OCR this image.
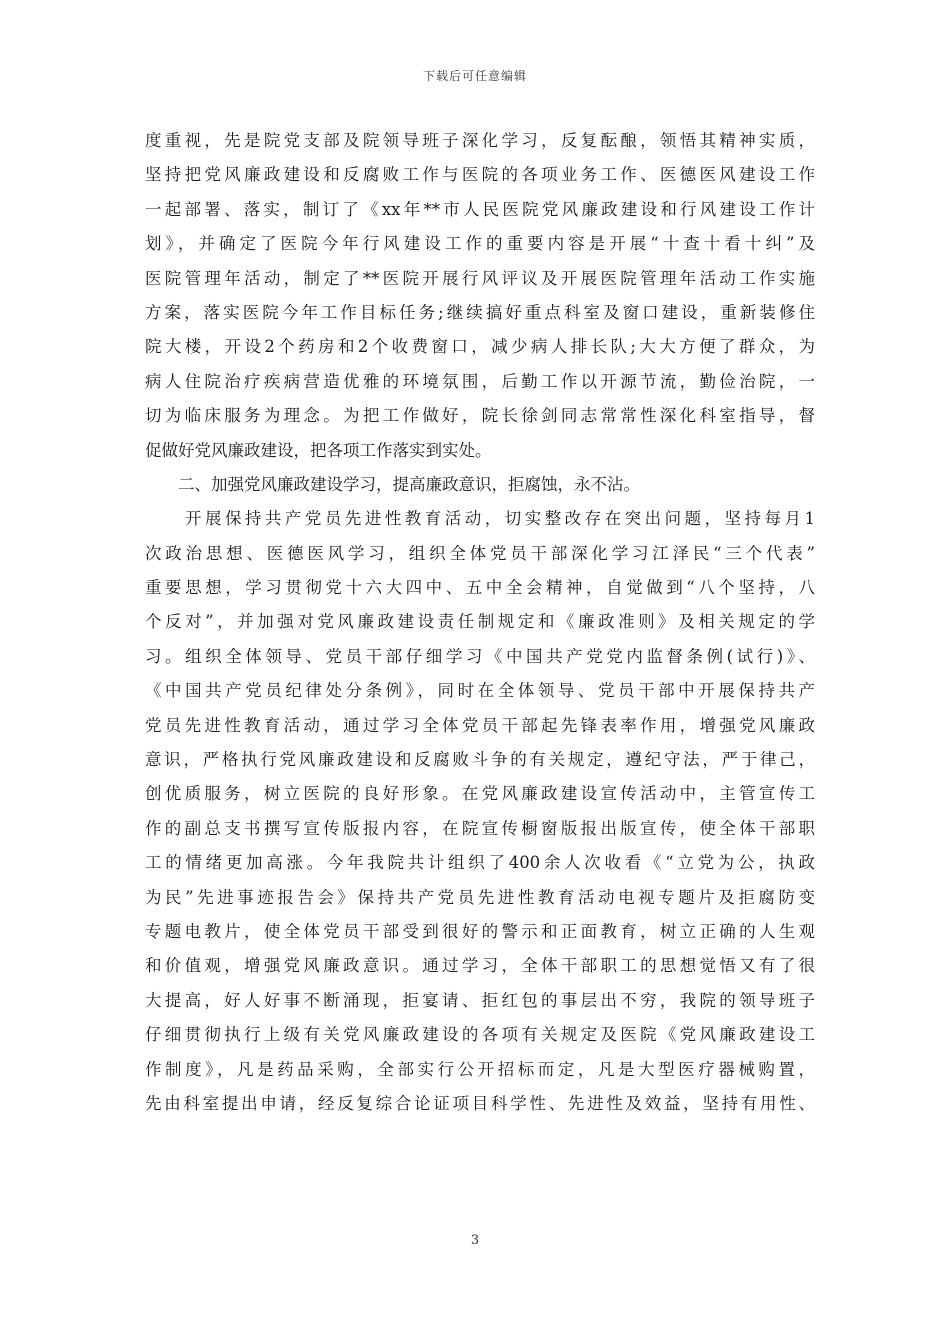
下载后可任意编辑
度重视，先是院党支部及院领导班子深化学习，反复酝酿，领悟其精神实质，
坚持把党风廉政建设和反腐败工作与医院的各项业务工作、医德医风建设工作
一起部署、落实，制订了《xx年**市人民医院党风廉政建设和行风建设工作计
划》，并确定了医院今年行风建设工作的重要内容是开展“十查十看十纠”及
医院管理年活动，制定了**医院开展行风评议及开展医院管理年活动工作实施
方案，落实医院今年工作目标任务;继续搞好重点科室及窗口建设，重新装修住
院大楼，开设2个药房和2个收费窗口，减少病人排长队;大大方便了群众，为
病人住院治疗疾病营造优雅的环境氛围，后勤工作以开源节流，勤俭治院，一
切为临床服务为理念。为把工作做好，院长徐剑同志常常性深化科室指导，督
促做好党风廉政建设，把各项工作落实到实处。
　　二、加强党风廉政建设学习，提高廉政意识，拒腐蚀，永不沾。
　　开展保持共产党员先进性教育活动，切实整改存在突出问题，坚持每月1
次政治思想、医德医风学习，组织全体党员干部深化学习江泽民“三个代表”
重要思想，学习贯彻党十六大四中、五中全会精神，自觉做到“八个坚持，八
个反对”，并加强对党风廉政建设责任制规定和《廉政准则》及相关规定的学
习。组织全体领导、党员干部仔细学习《中国共产党党内监督条例(试行)》、
《中国共产党员纪律处分条例》，同时在全体领导、党员干部中开展保持共产
党员先进性教育活动，通过学习全体党员干部起先锋表率作用，增强党风廉政
意识，严格执行党风廉政建设和反腐败斗争的有关规定，遵纪守法，严于律己，
创优质服务，树立医院的良好形象。在党风廉政建设宣传活动中，主管宣传工
作的副总支书撰写宣传版报内容，在院宣传橱窗版报出版宣传，使全体干部职
工的情绪更加高涨。今年我院共计组织了400余人次收看《“立党为公，执政
为民”先进事迹报告会》保持共产党员先进性教育活动电视专题片及拒腐防变
专题电教片，使全体党员干部受到很好的警示和正面教育，树立正确的人生观
和价值观，增强党风廉政意识。通过学习，全体干部职工的思想觉悟又有了很
大提高，好人好事不断涌现，拒宴请、拒红包的事层出不穷，我院的领导班子
仔细贯彻执行上级有关党风廉政建设的各项有关规定及医院《党风廉政建设工
作制度》，凡是药品采购，全部实行公开招标而定，凡是大型医疗器械购置，
先由科室提出申请，经反复综合论证项目科学性、先进性及效益，坚持有用性、
3
